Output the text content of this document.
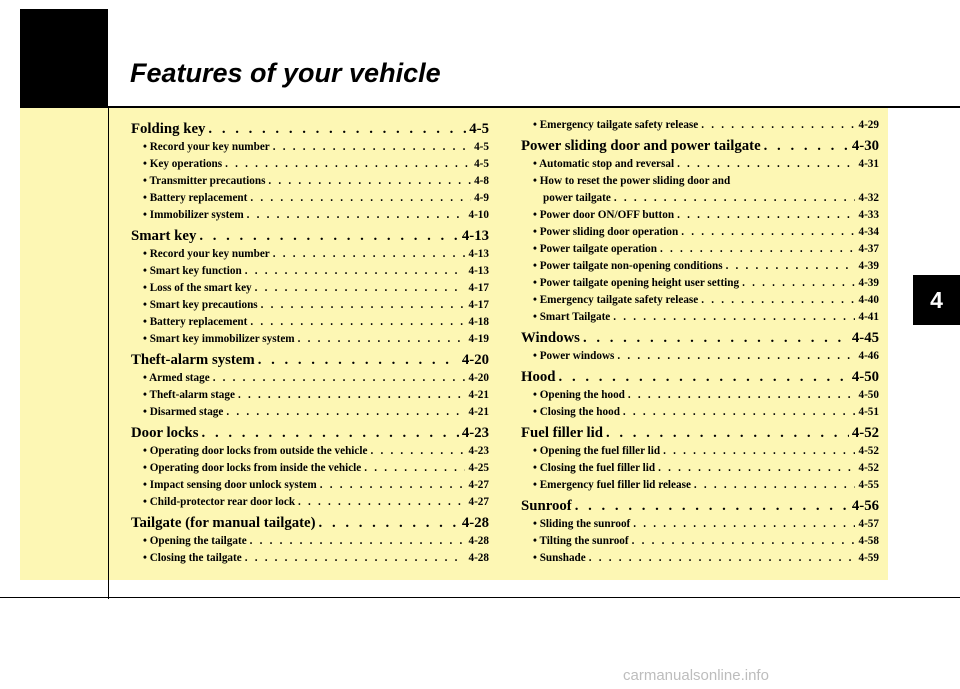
Features of your vehicle
4
Folding key . . .	4-5
• Record your key number . . .	4-5
• Key operations . . .	4-5
• Transmitter precautions . . .	4-8
• Battery replacement . . .	4-9
• Immobilizer system . . .	4-10
Smart key . . .	4-13
• Record your key number . . .	4-13
• Smart key function . . .	4-13
• Loss of the smart key . . .	4-17
• Smart key precautions . . .	4-17
• Battery replacement . . .	4-18
• Smart key immobilizer system . . .	4-19
Theft-alarm system . . .	4-20
• Armed stage . . .	4-20
• Theft-alarm stage . . .	4-21
• Disarmed stage . . .	4-21
Door locks . . .	4-23
• Operating door locks from outside the vehicle . . .	4-23
• Operating door locks from inside the vehicle . . .	4-25
• Impact sensing door unlock system . . .	4-27
• Child-protector rear door lock . . .	4-27
Tailgate (for manual tailgate) . . .	4-28
• Opening the tailgate . . .	4-28
• Closing the tailgate . . .	4-28
• Emergency tailgate safety release . . .	4-29
Power sliding door and power tailgate . . .	4-30
• Automatic stop and reversal . . .	4-31
• How to reset the power sliding door and
power tailgate . . .	4-32
• Power door ON/OFF button . . .	4-33
• Power sliding door operation . . .	4-34
• Power tailgate operation . . .	4-37
• Power tailgate non-opening conditions . . .	4-39
• Power tailgate opening height user setting . . .	4-39
• Emergency tailgate safety release . . .	4-40
• Smart Tailgate . . .	4-41
Windows . . .	4-45
• Power windows . . .	4-46
Hood . . .	4-50
• Opening the hood . . .	4-50
• Closing the hood . . .	4-51
Fuel filler lid . . .	4-52
• Opening the fuel filler lid . . .	4-52
• Closing the fuel filler lid . . .	4-52
• Emergency fuel filler lid release . . .	4-55
Sunroof . . .	4-56
• Sliding the sunroof . . .	4-57
• Tilting the sunroof . . .	4-58
• Sunshade . . .	4-59
carmanualsonline.info
